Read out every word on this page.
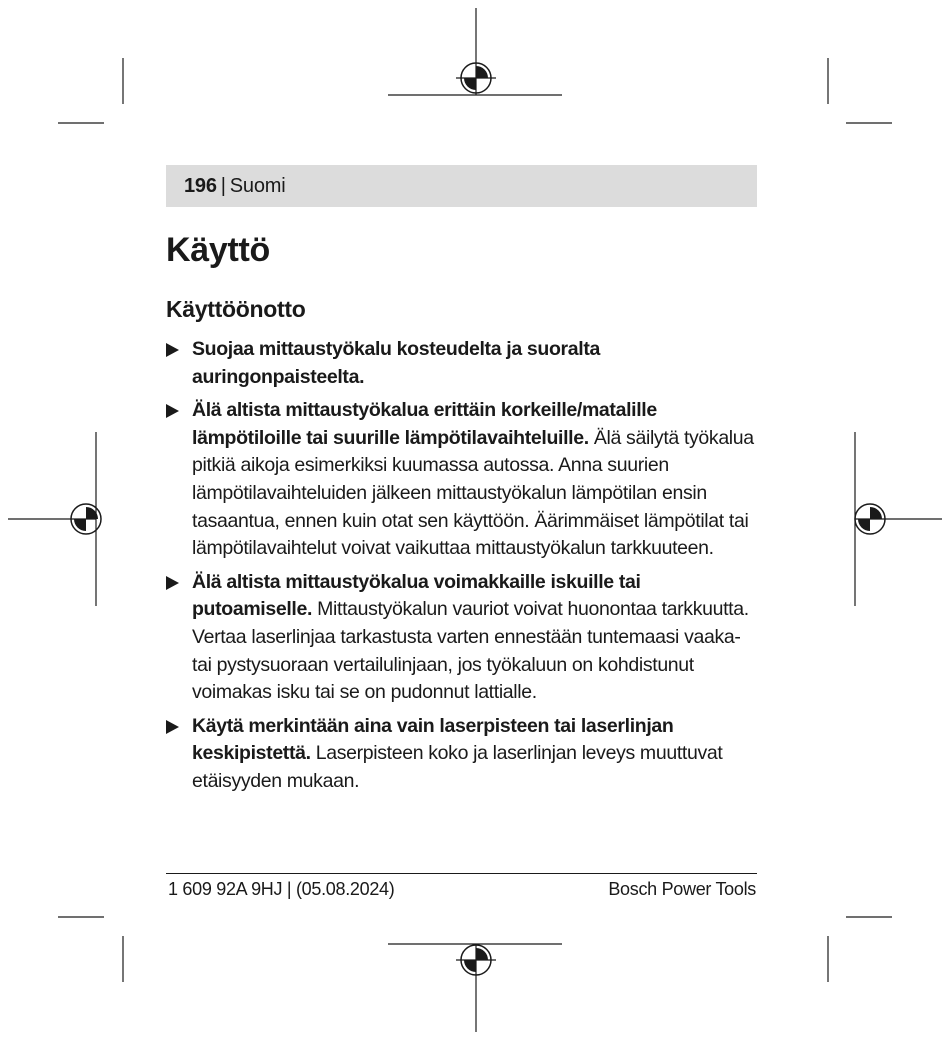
196 | Suomi
Käyttö
Käyttöönotto
Suojaa mittaustyökalu kosteudelta ja suoralta auringonpaisteelta.
Älä altista mittaustyökalua erittäin korkeille/matalille lämpötiloille tai suurille lämpötilavaihteluille. Älä säilytä työkalua pitkiä aikoja esimerkiksi kuumassa autossa. Anna suurien lämpötilavaihteluiden jälkeen mittaustyökalun lämpötilan ensin tasaantua, ennen kuin otat sen käyttöön. Äärimmäiset lämpötilat tai lämpötilavaihtelut voivat vaikuttaa mittaustyökalun tarkkuuteen.
Älä altista mittaustyökalua voimakkaille iskuille tai putoamiselle. Mittaustyökalun vauriot voivat huonontaa tarkkuutta. Vertaa laserlinjaa tarkastusta varten ennestään tuntemaasi vaaka- tai pystysuoraan vertailulinjaan, jos työkaluun on kohdistunut voimakas isku tai se on pudonnut lattialle.
Käytä merkintään aina vain laserpisteen tai laserlinjan keskipistettä. Laserpisteen koko ja laserlinjan leveys muuttuvat etäisyyden mukaan.
1 609 92A 9HJ | (05.08.2024)	Bosch Power Tools
